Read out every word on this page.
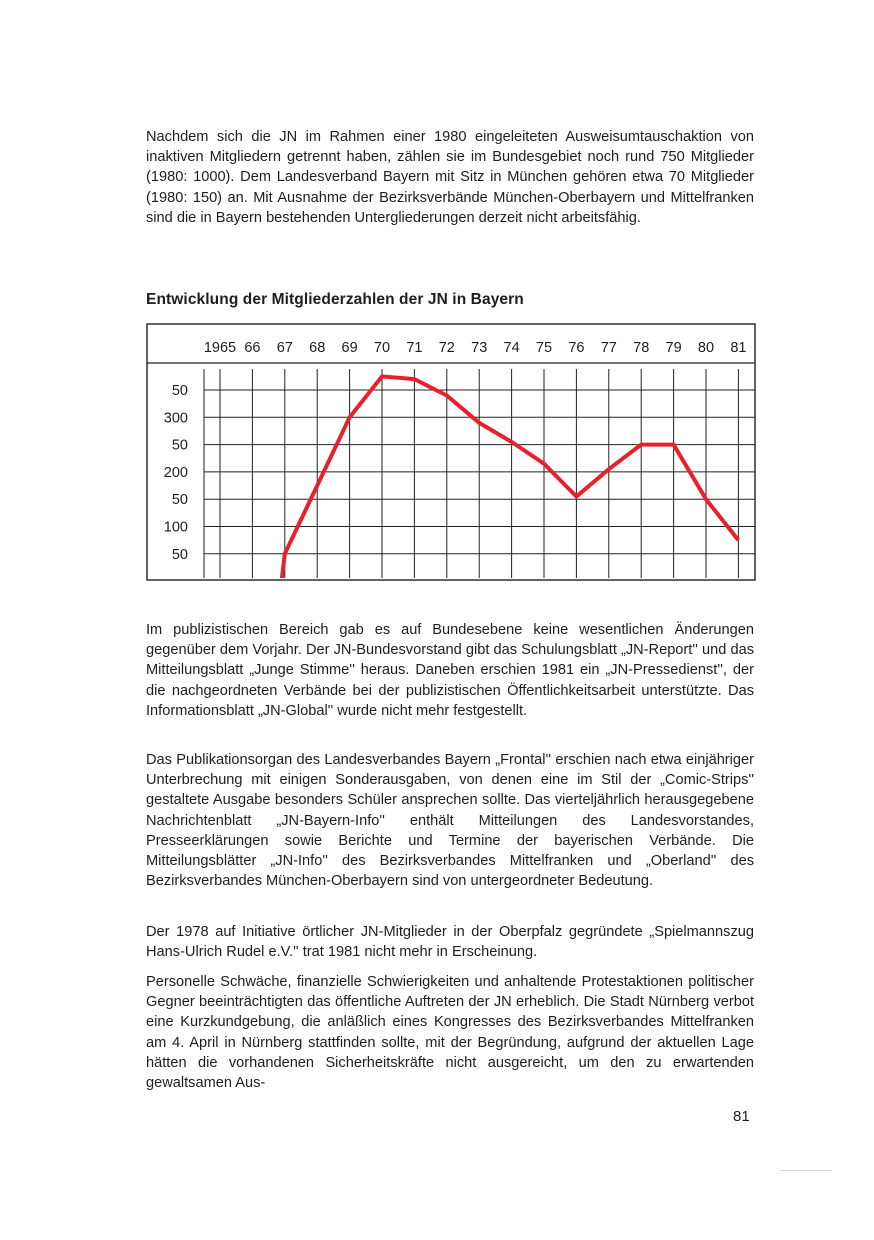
Nachdem sich die JN im Rahmen einer 1980 eingeleiteten Ausweisumtauschaktion von inaktiven Mitgliedern getrennt haben, zählen sie im Bundesgebiet noch rund 750 Mitglieder (1980: 1000). Dem Landesverband Bayern mit Sitz in München gehören etwa 70 Mitglieder (1980: 150) an. Mit Ausnahme der Bezirksverbände München-Oberbayern und Mittelfranken sind die in Bayern bestehenden Untergliederungen derzeit nicht arbeitsfähig.

Entwicklung der Mitgliederzahlen der JN in Bayern
1965 66 67 68 69 70 71 72 73 74 75 76 77 78 79 80 81
50
300
50
200
50
100
50

Im publizistischen Bereich gab es auf Bundesebene keine wesentlichen Änderungen gegenüber dem Vorjahr. Der JN-Bundesvorstand gibt das Schulungsblatt „JN-Report'' und das Mitteilungsblatt „Junge Stimme'' heraus. Daneben erschien 1981 ein „JN-Pressedienst'', der die nachgeordneten Verbände bei der publizistischen Öffentlichkeitsarbeit unterstützte. Das Informationsblatt „JN-Global'' wurde nicht mehr festgestellt.

Das Publikationsorgan des Landesverbandes Bayern „Frontal'' erschien nach etwa einjähriger Unterbrechung mit einigen Sonderausgaben, von denen eine im Stil der „Comic-Strips'' gestaltete Ausgabe besonders Schüler ansprechen sollte. Das vierteljährlich herausgegebene Nachrichtenblatt „JN-Bayern-Info'' enthält Mitteilungen des Landesvorstandes, Presseerklärungen sowie Berichte und Termine der bayerischen Verbände. Die Mitteilungsblätter „JN-Info'' des Bezirksverbandes Mittelfranken und „Oberland'' des Bezirksverbandes München-Oberbayern sind von untergeordneter Bedeutung.

Der 1978 auf Initiative örtlicher JN-Mitglieder in der Oberpfalz gegründete „Spielmannszug Hans-Ulrich Rudel e.V.'' trat 1981 nicht mehr in Erscheinung.

Personelle Schwäche, finanzielle Schwierigkeiten und anhaltende Protestaktionen politischer Gegner beeinträchtigten das öffentliche Auftreten der JN erheblich. Die Stadt Nürnberg verbot eine Kurzkundgebung, die anläßlich eines Kongresses des Bezirksverbandes Mittelfranken am 4. April in Nürnberg stattfinden sollte, mit der Begründung, aufgrund der aktuellen Lage hätten die vorhandenen Sicherheitskräfte nicht ausgereicht, um den zu erwartenden gewaltsamen Aus-

81
